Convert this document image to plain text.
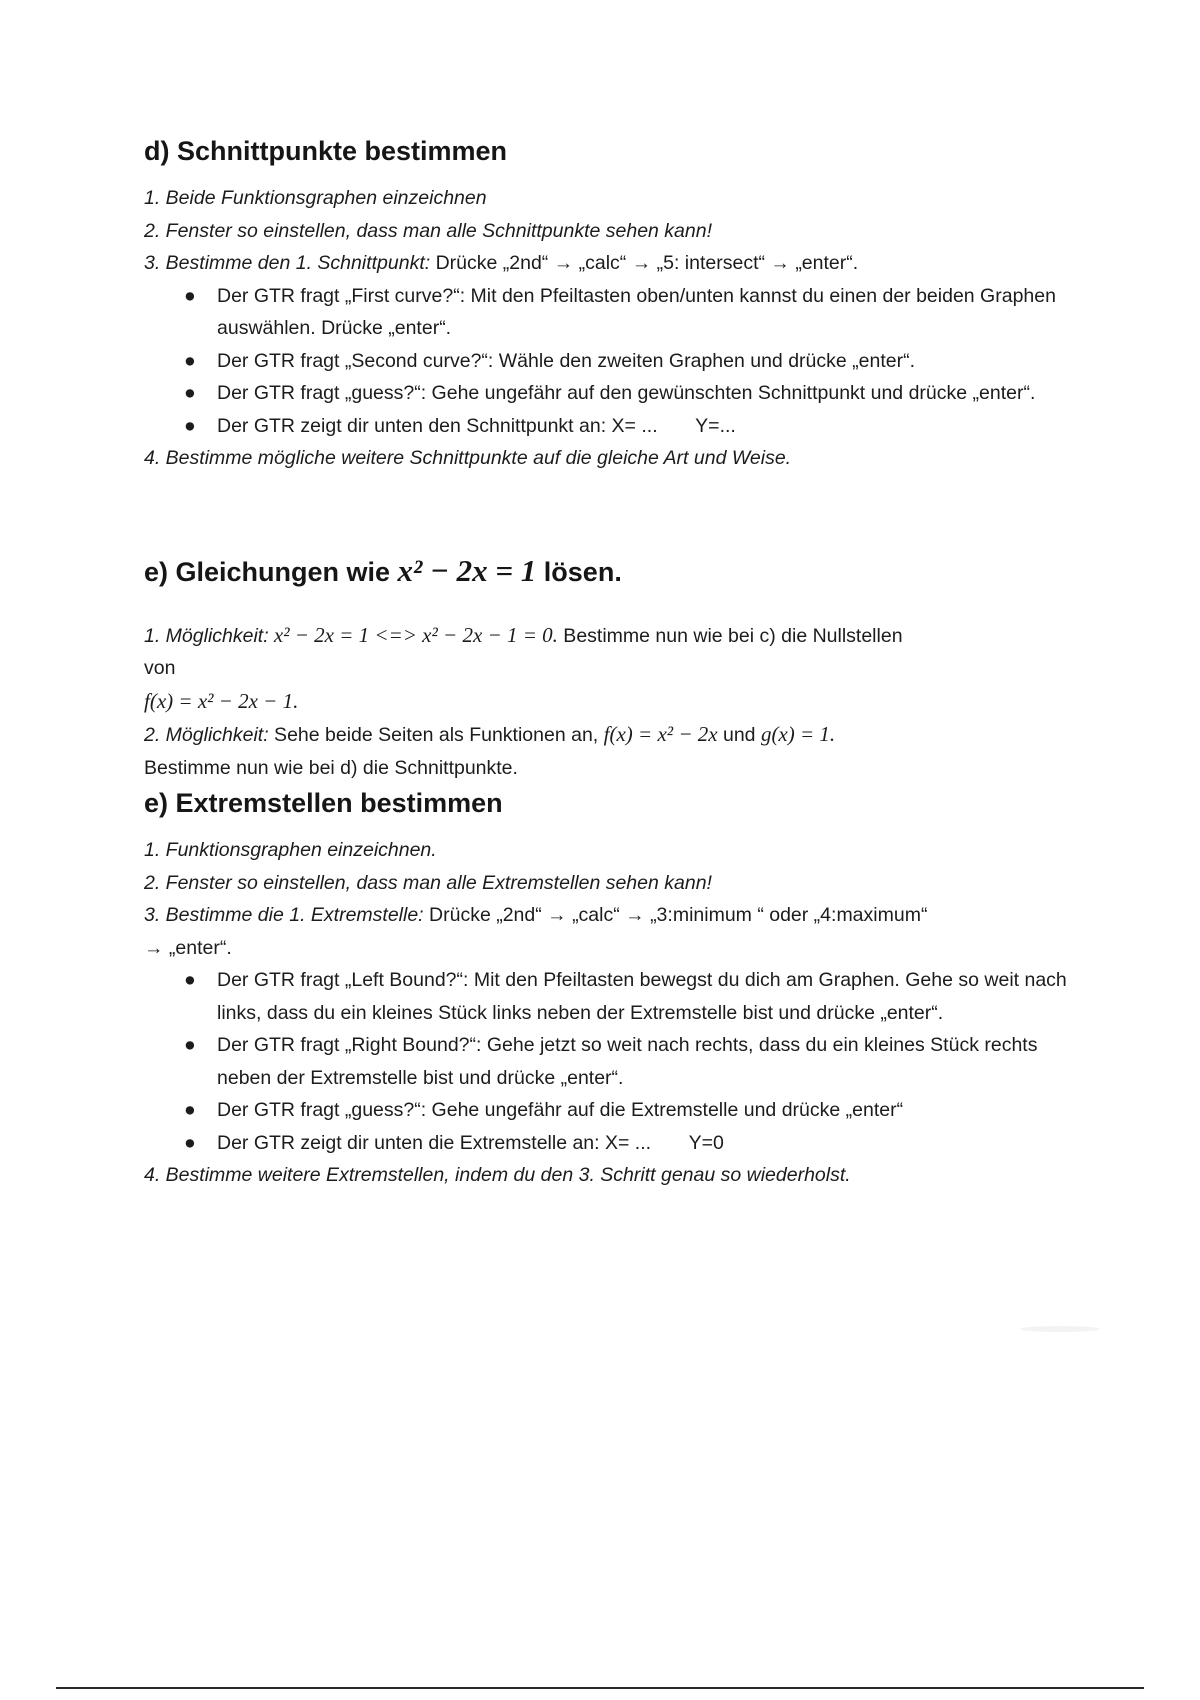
d) Schnittpunkte bestimmen

1. Beide Funktionsgraphen einzeichnen

2. Fenster so einstellen, dass man alle Schnittpunkte sehen kann!

3. Bestimme den 1. Schnittpunkt: Drücke „2nd“ → „calc“ → „5: intersect“ → „enter“.

● Der GTR fragt „First curve?“: Mit den Pfeiltasten oben/unten kannst du einen der beiden Graphen auswählen. Drücke „enter“.
● Der GTR fragt „Second curve?“: Wähle den zweiten Graphen und drücke „enter“.
● Der GTR fragt „guess?“: Gehe ungefähr auf den gewünschten Schnittpunkt und drücke „enter“.
● Der GTR zeigt dir unten den Schnittpunkt an: X= ...       Y=...

4. Bestimme mögliche weitere Schnittpunkte auf die gleiche Art und Weise.

e) Gleichungen wie x² − 2x = 1 lösen.

1. Möglichkeit: x² − 2x = 1 <=> x² − 2x − 1 = 0. Bestimme nun wie bei c) die Nullstellen

von

f(x) = x² − 2x − 1.

2. Möglichkeit: Sehe beide Seiten als Funktionen an, f(x) = x² − 2x und g(x) = 1.

Bestimme nun wie bei d) die Schnittpunkte.

e) Extremstellen bestimmen

1. Funktionsgraphen einzeichnen.

2. Fenster so einstellen, dass man alle Extremstellen sehen kann!

3. Bestimme die 1. Extremstelle: Drücke „2nd“ → „calc“ → „3:minimum “ oder „4:maximum“

→ „enter“.

● Der GTR fragt „Left Bound?“: Mit den Pfeiltasten bewegst du dich am Graphen. Gehe so weit nach links, dass du ein kleines Stück links neben der Extremstelle bist und drücke „enter“.
● Der GTR fragt „Right Bound?“: Gehe jetzt so weit nach rechts, dass du ein kleines Stück rechts neben der Extremstelle bist und drücke „enter“.
● Der GTR fragt „guess?“: Gehe ungefähr auf die Extremstelle und drücke „enter“
● Der GTR zeigt dir unten die Extremstelle an: X= ...       Y=0

4. Bestimme weitere Extremstellen, indem du den 3. Schritt genau so wiederholst.
